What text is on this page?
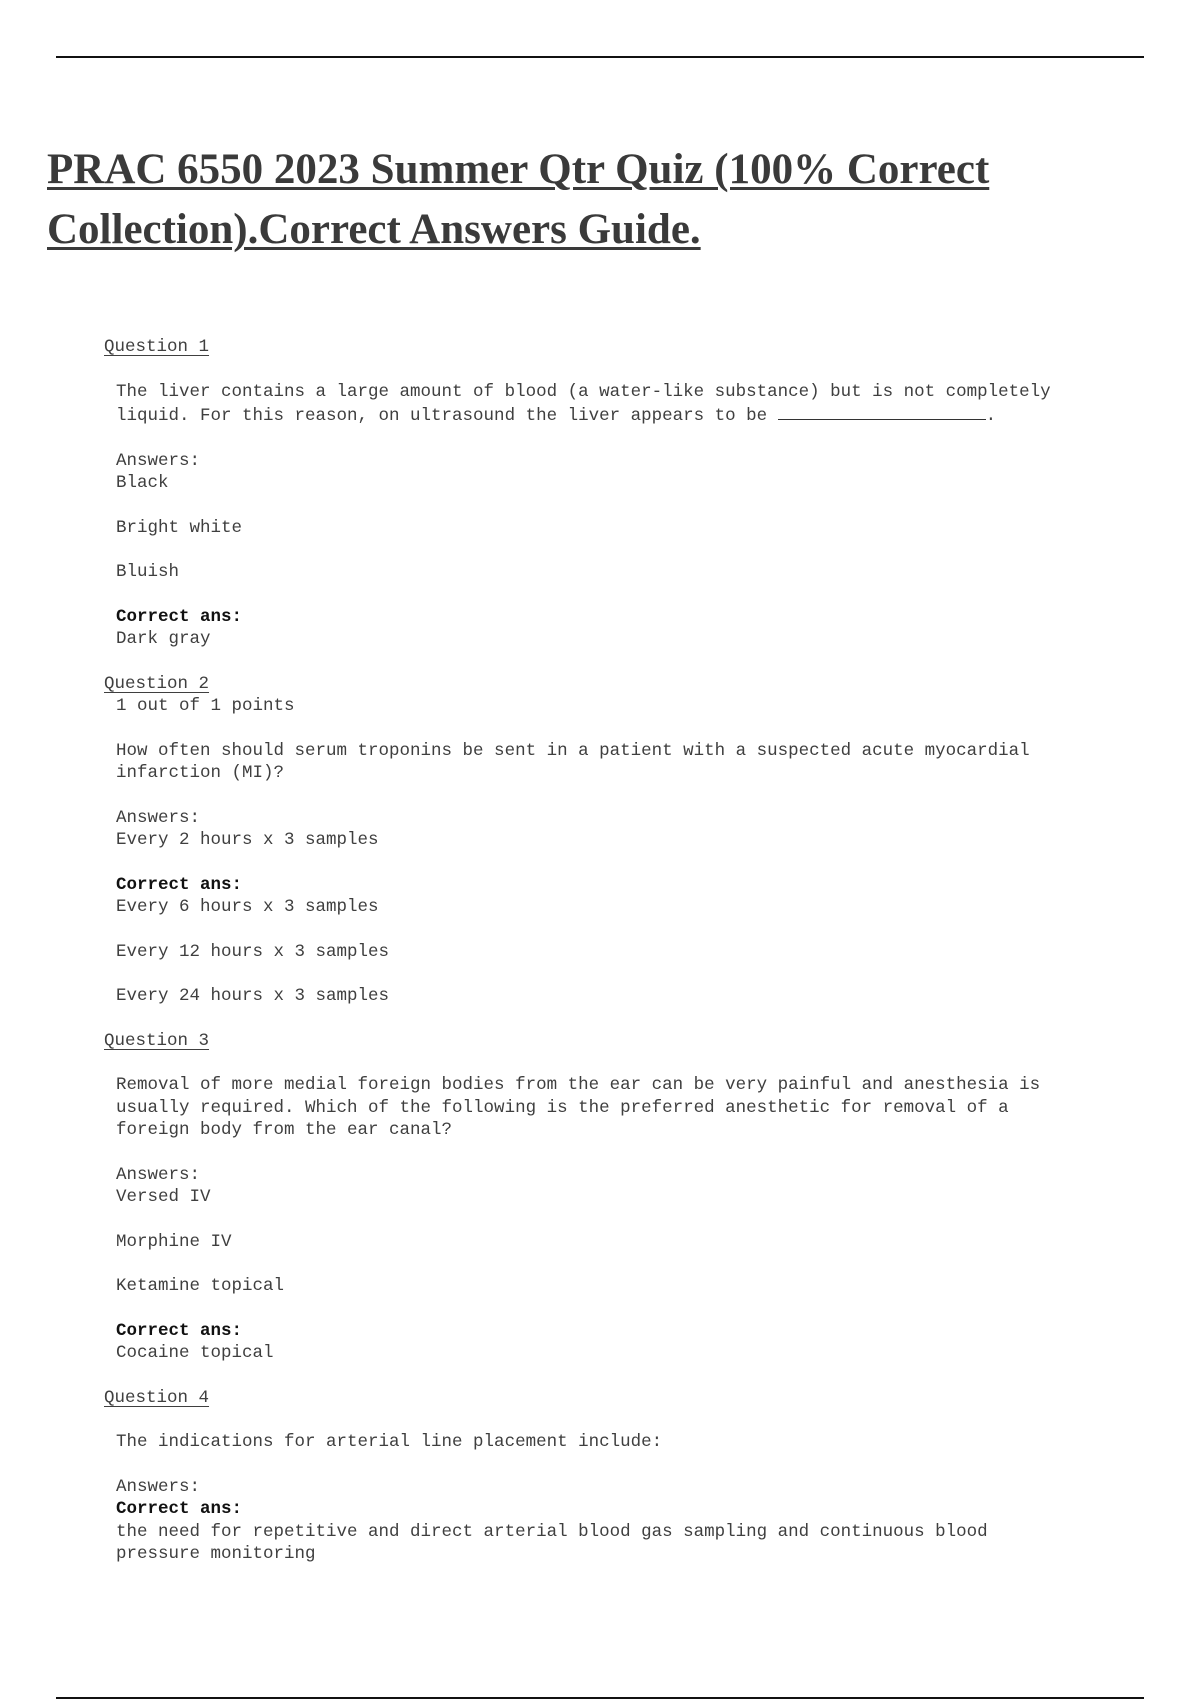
PRAC 6550 2023 Summer Qtr Quiz (100% Correct Collection).Correct Answers Guide.
Question 1
The liver contains a large amount of blood (a water-like substance) but is not completely liquid. For this reason, on ultrasound the liver appears to be	.
Answers:
Black
Bright white
Bluish
Correct ans:
Dark gray
Question 2
1 out of 1 points
How often should serum troponins be sent in a patient with a suspected acute myocardial infarction (MI)?
Answers:
Every 2 hours x 3 samples
Correct ans:
Every 6 hours x 3 samples
Every 12 hours x 3 samples
Every 24 hours x 3 samples
Question 3
Removal of more medial foreign bodies from the ear can be very painful and anesthesia is usually required. Which of the following is the preferred anesthetic for removal of a foreign body from the ear canal?
Answers:
Versed IV
Morphine IV
Ketamine topical
Correct ans:
Cocaine topical
Question 4
The indications for arterial line placement include:
Answers:
Correct ans:
the need for repetitive and direct arterial blood gas sampling and continuous blood pressure monitoring
